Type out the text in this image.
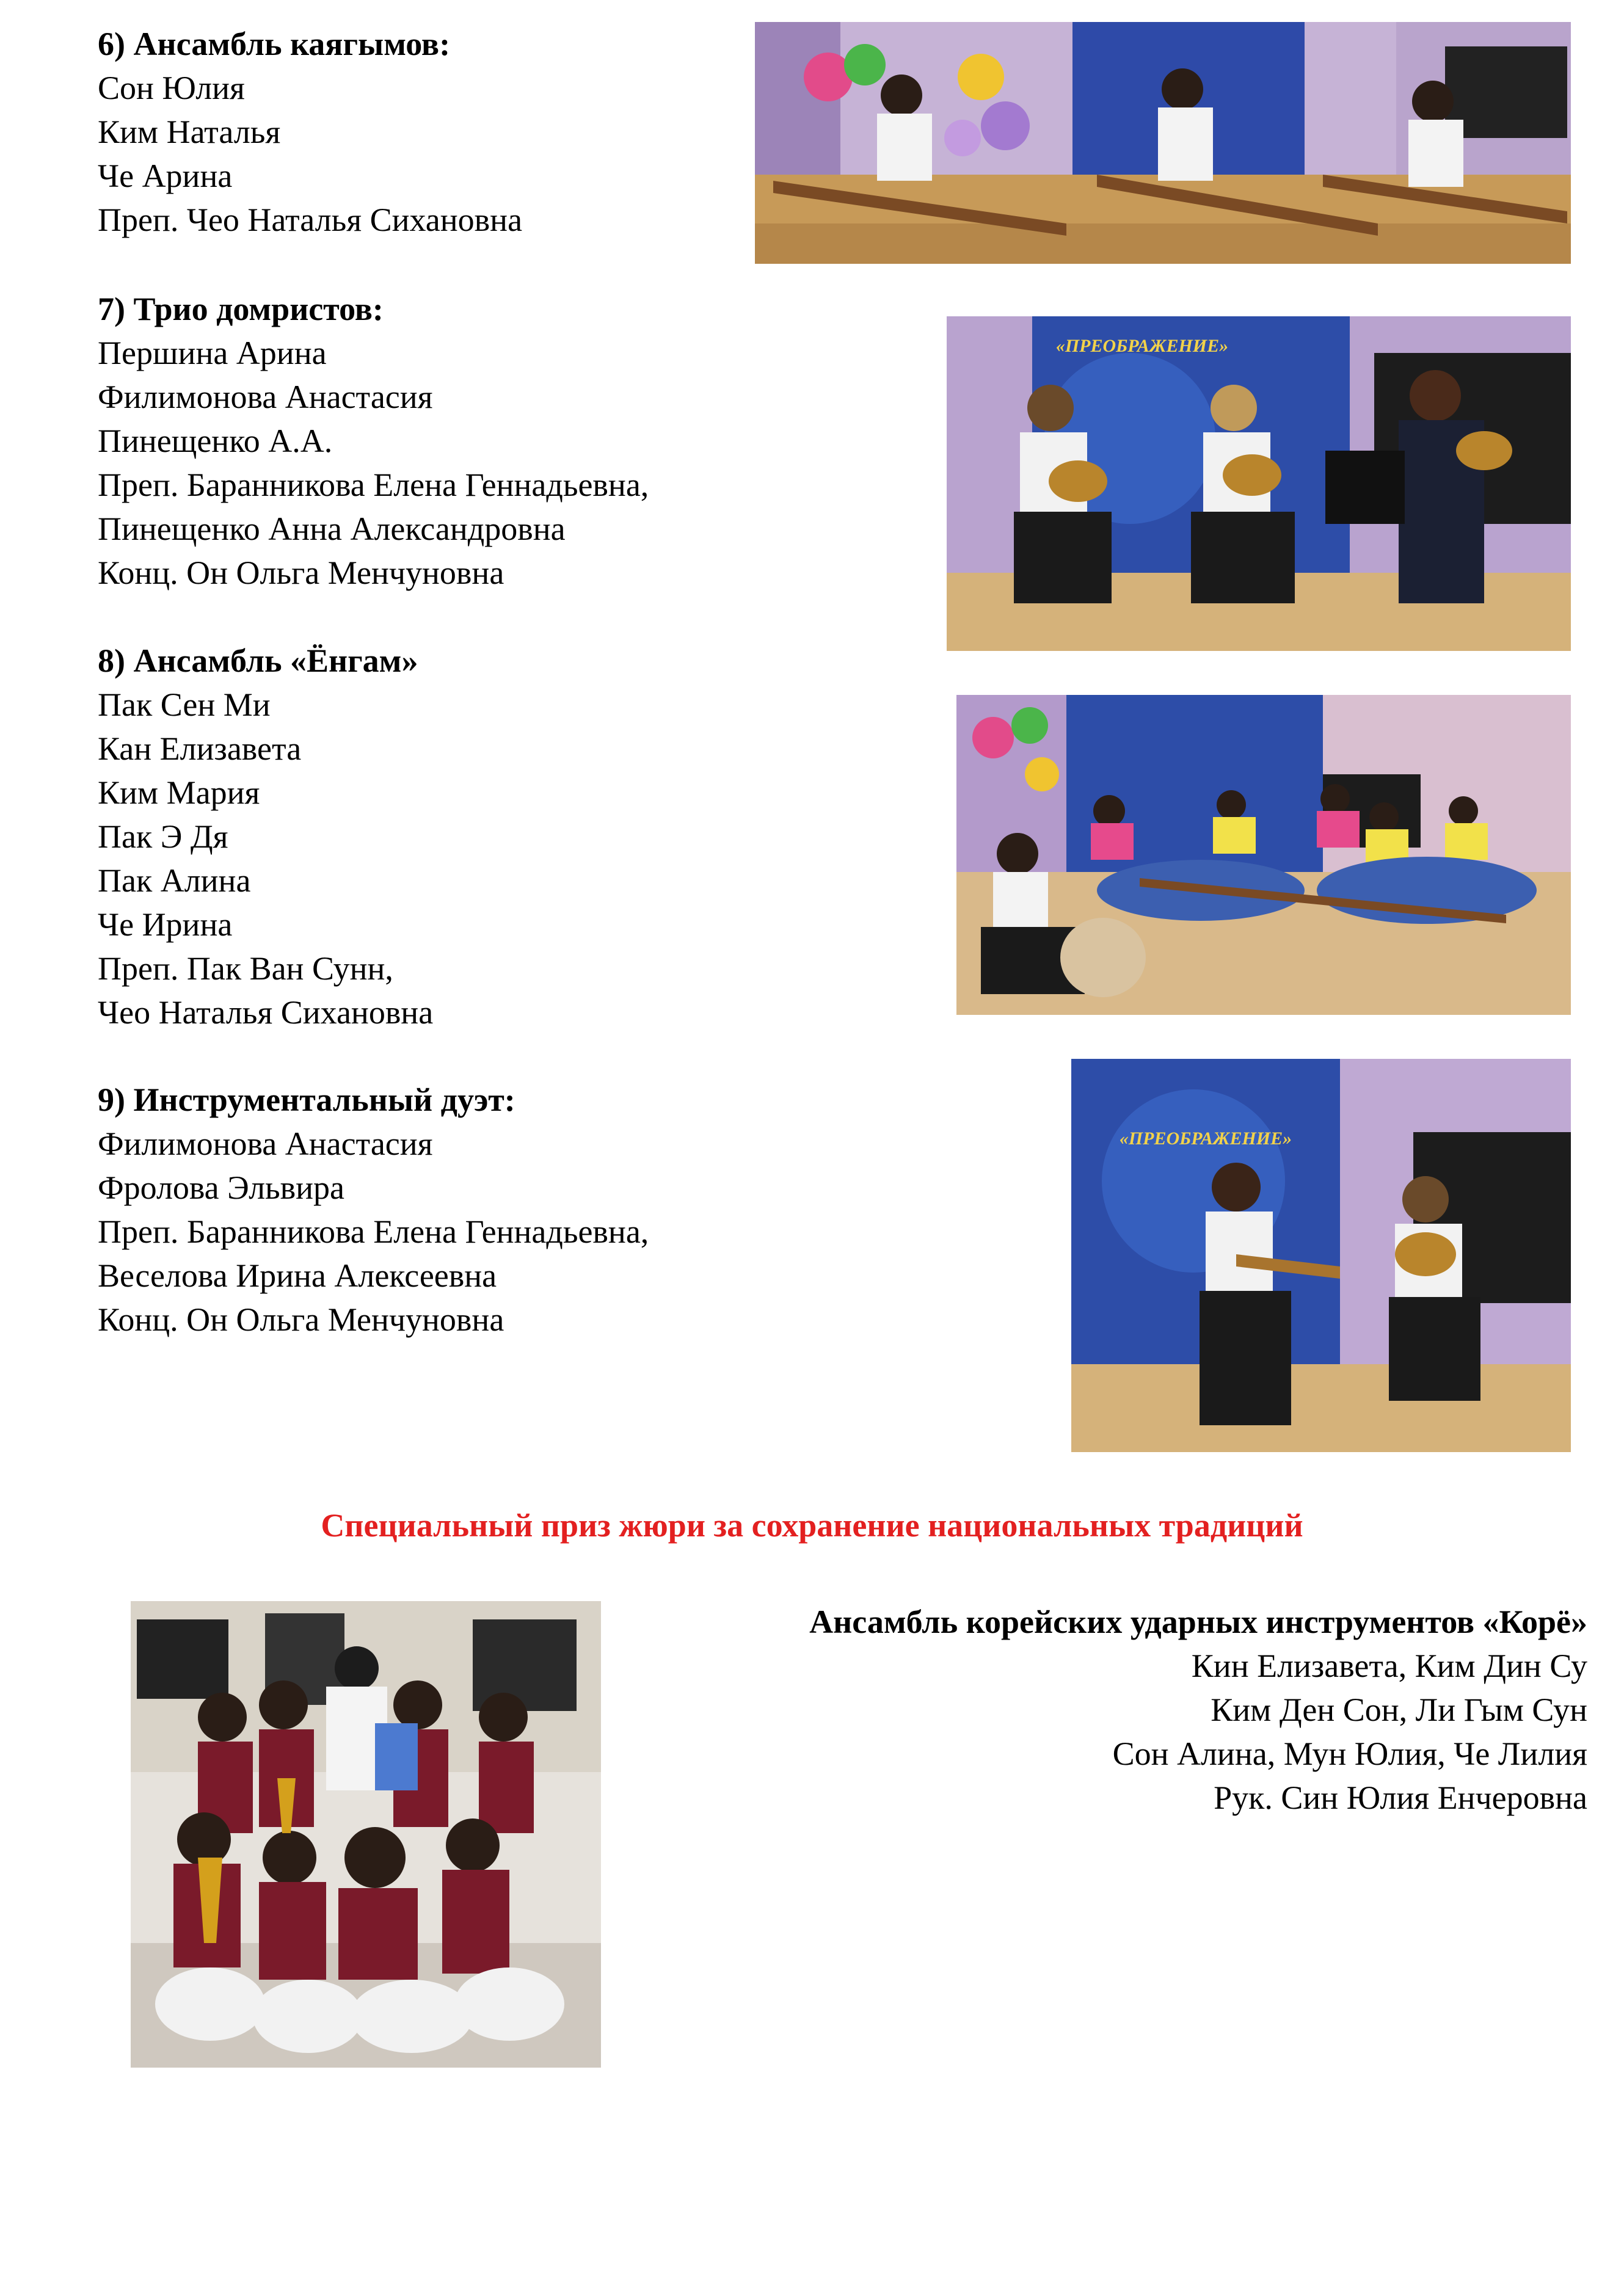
6) Ансамбль каягымов:
Сон Юлия
Ким Наталья
Че Арина
Преп. Чео Наталья Сихановна
7) Трио домристов:
Першина Арина
Филимонова Анастасия
Пинещенко А.А.
Преп. Баранникова Елена Геннадьевна,
Пинещенко Анна Александровна
Конц. Он Ольга Менчуновна
8) Ансамбль «Ёнгам»
Пак Сен Ми
Кан Елизавета
Ким Мария
Пак Э Дя
Пак Алина
Че Ирина
Преп. Пак Ван Сунн,
Чео Наталья Сихановна
9) Инструментальный дуэт:
Филимонова Анастасия
Фролова Эльвира
Преп. Баранникова Елена Геннадьевна,
Веселова Ирина Алексеевна
Конц. Он Ольга Менчуновна
«ПРЕОБРАЖЕНИЕ»
«ПРЕОБРАЖЕНИЕ»
Специальный приз жюри за сохранение национальных традиций
Ансамбль корейских ударных инструментов «Корё»
Кин Елизавета, Ким Дин Су
Ким Ден Сон, Ли Гым Сун
Сон Алина, Мун Юлия, Че Лилия
Рук. Син Юлия Енчеровна
